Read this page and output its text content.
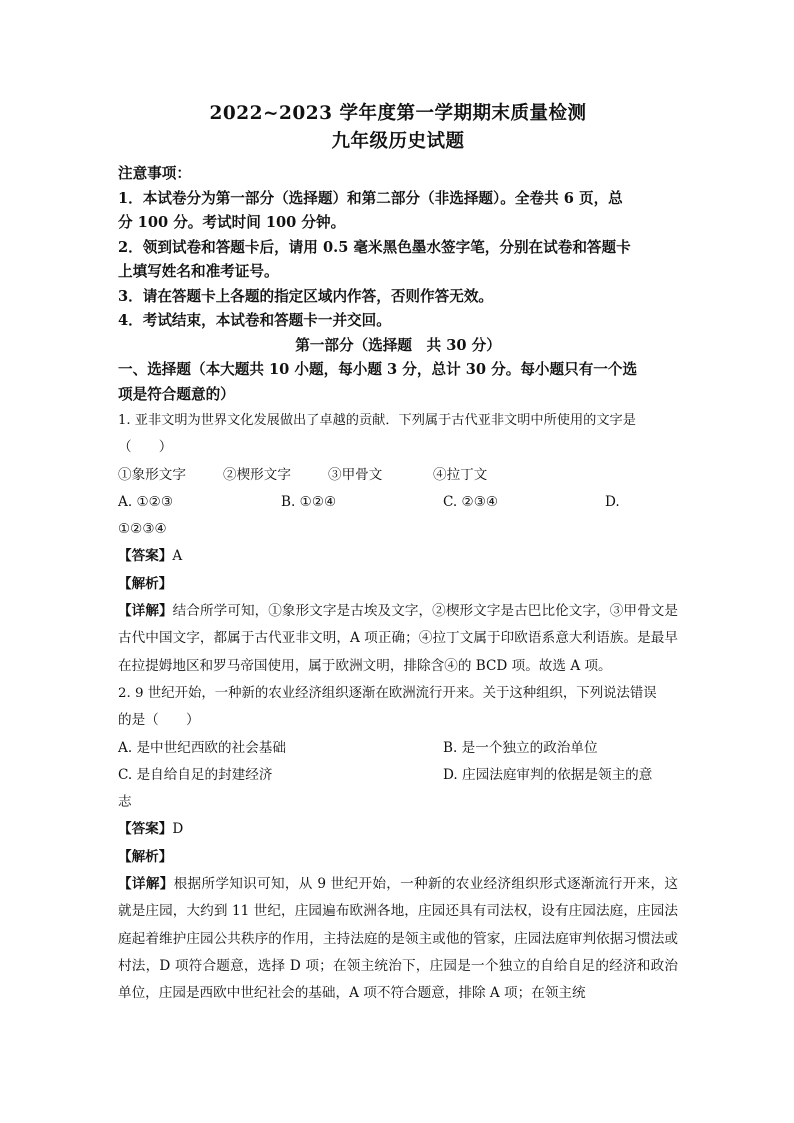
2022~2023 学年度第一学期期末质量检测
九年级历史试题
注意事项：
1．本试卷分为第一部分（选择题）和第二部分（非选择题）。全卷共 6 页，总
分 100 分。考试时间 100 分钟。
2．领到试卷和答题卡后，请用 0.5 毫米黑色墨水签字笔，分别在试卷和答题卡
上填写姓名和准考证号。
3．请在答题卡上各题的指定区域内作答，否则作答无效。
4．考试结束，本试卷和答题卡一并交回。
第一部分（选择题　共 30 分）
一、选择题（本大题共 10 小题，每小题 3 分，总计 30 分。每小题只有一个选
项是符合题意的）
1. 亚非文明为世界文化发展做出了卓越的贡献．下列属于古代亚非文明中所使用的文字是
（　　）
①象形文字	②楔形文字	③甲骨文	④拉丁文
A. ①②③	B. ①②④	C. ②③④	D.
①②③④
【答案】A
【解析】
【详解】结合所学可知，①象形文字是古埃及文字，②楔形文字是古巴比伦文字，③甲骨文是古代中国文字，都属于古代亚非文明，A 项正确；④拉丁文属于印欧语系意大利语族。是最早在拉提姆地区和罗马帝国使用，属于欧洲文明，排除含④的 BCD 项。故选 A 项。
2. 9 世纪开始，一种新的农业经济组织逐渐在欧洲流行开来。关于这种组织，下列说法错误
的是（　　）
A. 是中世纪西欧的社会基础	B. 是一个独立的政治单位
C. 是自给自足的封建经济	D. 庄园法庭审判的依据是领主的意
志
【答案】D
【解析】
【详解】根据所学知识可知，从 9 世纪开始，一种新的农业经济组织形式逐渐流行开来，这就是庄园，大约到 11 世纪，庄园遍布欧洲各地，庄园还具有司法权，设有庄园法庭，庄园法庭起着维护庄园公共秩序的作用，主持法庭的是领主或他的管家，庄园法庭审判依据习惯法或村法，D 项符合题意，选择 D 项；在领主统治下，庄园是一个独立的自给自足的经济和政治单位，庄园是西欧中世纪社会的基础，A 项不符合题意，排除 A 项；在领主统
